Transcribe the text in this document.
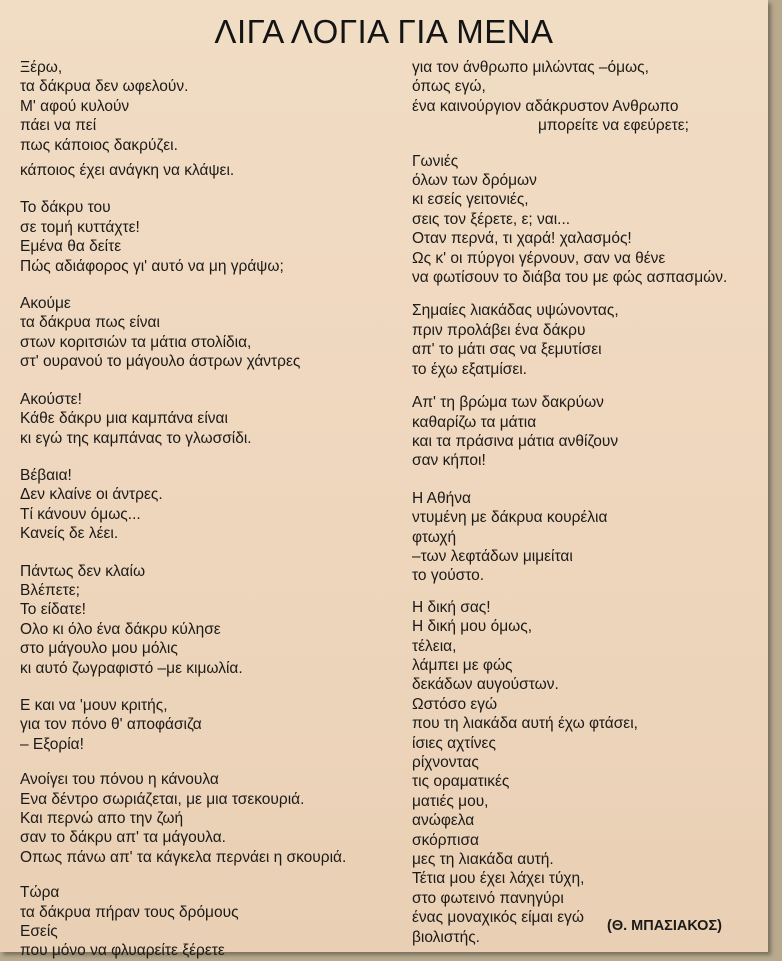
ΛΙΓΑ ΛΟΓΙΑ ΓΙΑ ΜΕΝΑ
Ξέρω,
τα δάκρυα δεν ωφελούν.
Μ' αφού κυλούν
πάει να πεί
πως κάποιος δακρύζει.
κάποιος έχει ανάγκη να κλάψει.
Το δάκρυ του
σε τομή κυττάχτε!
Εμένα θα δείτε
Πώς αδιάφορος γι' αυτό να μη γράψω;
Ακούμε
τα δάκρυα πως είναι
στων κοριτσιών τα μάτια στολίδια,
στ' ουρανού το μάγουλο άστρων χάντρες
Ακούστε!
Κάθε δάκρυ μια καμπάνα είναι
κι εγώ της καμπάνας το γλωσσίδι.
Βέβαια!
Δεν κλαίνε οι άντρες.
Τί κάνουν όμως...
Κανείς δε λέει.
Πάντως δεν κλαίω
Βλέπετε;
Το είδατε!
Ολο κι όλο ένα δάκρυ κύλησε
στο μάγουλο μου μόλις
κι αυτό ζωγραφιστό –με κιμωλία.
Ε και να 'μουν κριτής,
για τον πόνο θ' αποφάσιζα
– Εξορία!
Ανοίγει του πόνου η κάνουλα
Ενα δέντρο σωριάζεται, με μια τσεκουριά.
Και περνώ απο την ζωή
σαν το δάκρυ απ' τα μάγουλα.
Οπως πάνω απ' τα κάγκελα περνάει η σκουριά.
Τώρα
τα δάκρυα πήραν τους δρόμους
Εσείς
που μόνο να φλυαρείτε ξέρετε
για τον άνθρωπο μιλώντας –όμως,
όπως εγώ,
ένα καινούργιον αδάκρυστον Ανθρωπο
μπορείτε να εφεύρετε;
Γωνιές
όλων των δρόμων
κι εσείς γειτονιές,
σεις τον ξέρετε, ε; ναι...
Οταν περνά, τι χαρά! χαλασμός!
Ως κ' οι πύργοι γέρνουν, σαν να θένε
να φωτίσουν το διάβα του με φώς ασπασμών.
Σημαίες λιακάδας υψώνοντας,
πριν προλάβει ένα δάκρυ
απ' το μάτι σας να ξεμυτίσει
το έχω εξατμίσει.
Απ' τη βρώμα των δακρύων
καθαρίζω τα μάτια
και τα πράσινα μάτια ανθίζουν
σαν κήποι!
Η Αθήνα
ντυμένη με δάκρυα κουρέλια
φτωχή
–των λεφτάδων μιμείται
το γούστο.
Η δική σας!
Η δική μου όμως,
τέλεια,
λάμπει με φώς
δεκάδων αυγούστων.
Ωστόσο εγώ
που τη λιακάδα αυτή έχω φτάσει,
ίσιες αχτίνες
ρίχνοντας
τις οραματικές
ματιές μου,
ανώφελα
σκόρπισα
μες τη λιακάδα αυτή.
Τέτια μου έχει λάχει τύχη,
στο φωτεινό πανηγύρι
ένας μοναχικός είμαι εγώ
βιολιστής.
(Θ. ΜΠΑΣΙΑΚΟΣ)
